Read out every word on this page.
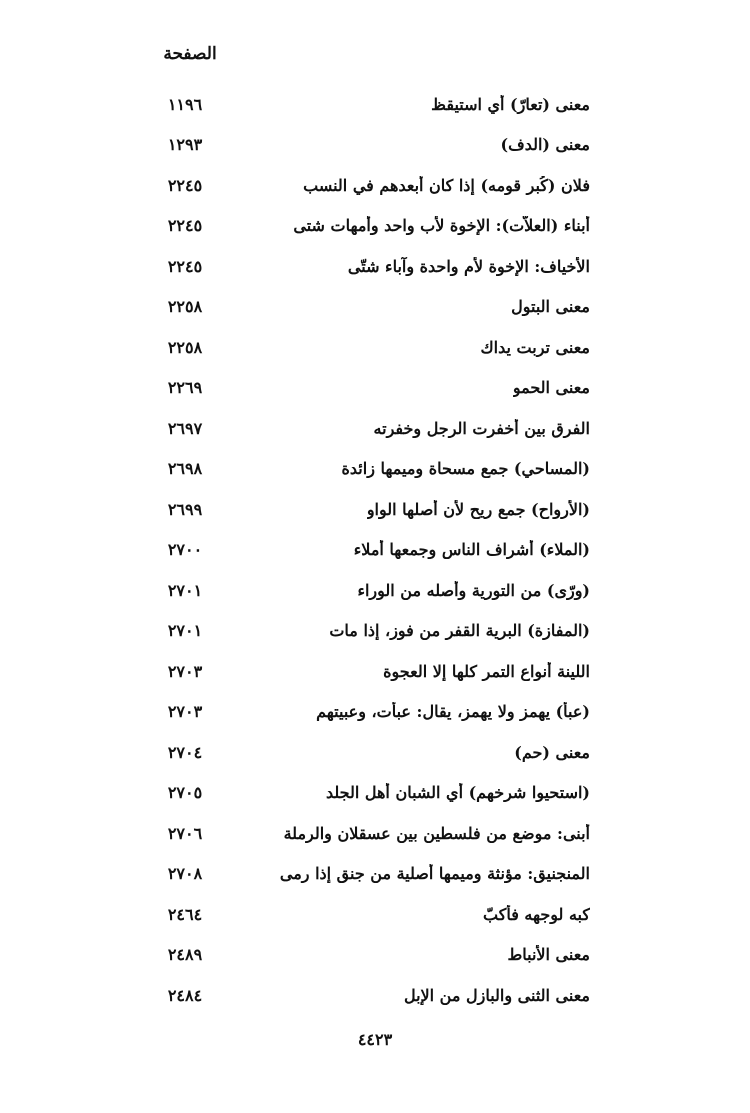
الصفحة
معنى (تعارّ) أي استيقظ
١١٩٦
معنى (الدف)
١٢٩٣
فلان (كُبر قومه) إذا كان أبعدهم في النسب
٢٢٤٥
أبناء (العلاّت): الإخوة لأب واحد وأمهات شتى
٢٢٤٥
الأخياف: الإخوة لأم واحدة وآباء شتّى
٢٢٤٥
معنى البتول
٢٢٥٨
معنى تربت يداك
٢٢٥٨
معنى الحمو
٢٢٦٩
الفرق بين أخفرت الرجل وخفرته
٢٦٩٧
(المساحي) جمع مسحاة وميمها زائدة
٢٦٩٨
(الأرواح) جمع ريح لأن أصلها الواو
٢٦٩٩
(الملاء) أشراف الناس وجمعها أملاء
٢٧٠٠
(ورّى) من التورية وأصله من الوراء
٢٧٠١
(المفازة) البرية القفر من فوز، إذا مات
٢٧٠١
اللينة أنواع التمر كلها إلا العجوة
٢٧٠٣
(عبأ) يهمز ولا يهمز، يقال: عبأت، وعبيتهم
٢٧٠٣
معنى (حم)
٢٧٠٤
(استحيوا شرخهم) أي الشبان أهل الجلد
٢٧٠٥
أُبنى: موضع من فلسطين بين عسقلان والرملة
٢٧٠٦
المنجنيق: مؤنثة وميمها أصلية من جنق إذا رمى
٢٧٠٨
كبه لوجهه فأكبّ
٢٤٦٤
معنى الأنباط
٢٤٨٩
معنى الثنى والبازل من الإبل
٢٤٨٤
٤٤٢٣
